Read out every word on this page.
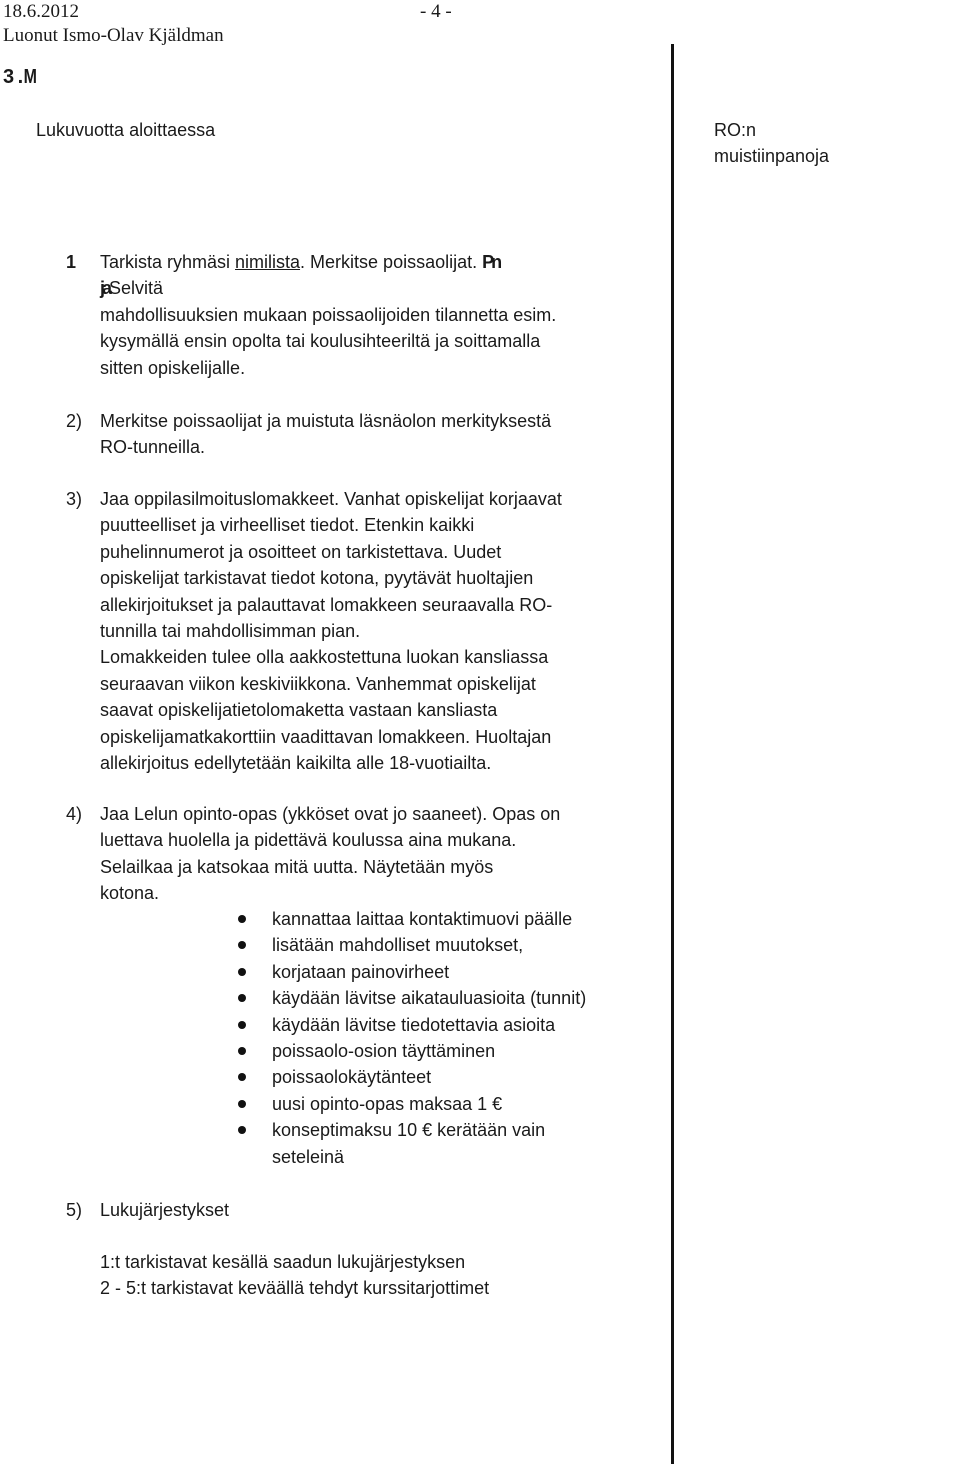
18.6.2012	- 4 -
Luonut Ismo-Olav Kjäldman
3 .M
Lukuvuotta aloittaessa	RO:n
muistiinpanoja
1 Tarkista ryhmäsi nimilista. Merkitse poissaolijat. Pn
jaSelvitä
mahdollisuuksien mukaan poissaolijoiden tilannetta esim.
kysymällä ensin opolta tai koulusihteeriltä ja soittamalla
sitten opiskelijalle.
2) Merkitse poissaolijat ja muistuta läsnäolon merkityksestä
RO-tunneilla.
3) Jaa oppilasilmoituslomakkeet. Vanhat opiskelijat korjaavat
puutteelliset ja virheelliset tiedot. Etenkin kaikki
puhelinnumerot ja osoitteet on tarkistettava. Uudet
opiskelijat tarkistavat tiedot kotona, pyytävät huoltajien
allekirjoitukset ja palauttavat lomakkeen seuraavalla RO-
tunnilla tai mahdollisimman pian.
Lomakkeiden tulee olla aakkostettuna luokan kansliassa
seuraavan viikon keskiviikkona. Vanhemmat opiskelijat
saavat opiskelijatietolomaketta vastaan kansliasta
opiskelijamatkakorttiin vaadittavan lomakkeen. Huoltajan
allekirjoitus edellytetään kaikilta alle 18-vuotiailta.
4) Jaa Lelun opinto-opas (ykköset ovat jo saaneet). Opas on
luettava huolella ja pidettävä koulussa aina mukana.
Selailkaa ja katsokaa mitä uutta. Näytetään myös
kotona.
kannattaa laittaa kontaktimuovi päälle
lisätään mahdolliset muutokset,
korjataan painovirheet
käydään lävitse aikatauluasioita (tunnit)
käydään lävitse tiedotettavia asioita
poissaolo-osion täyttäminen
poissaolokäytänteet
uusi opinto-opas maksaa 1 €
konseptimaksu 10 € kerätään vain
seteleinä
5) Lukujärjestykset
1:t tarkistavat kesällä saadun lukujärjestyksen
2 - 5:t tarkistavat keväällä tehdyt kurssitarjottimet
